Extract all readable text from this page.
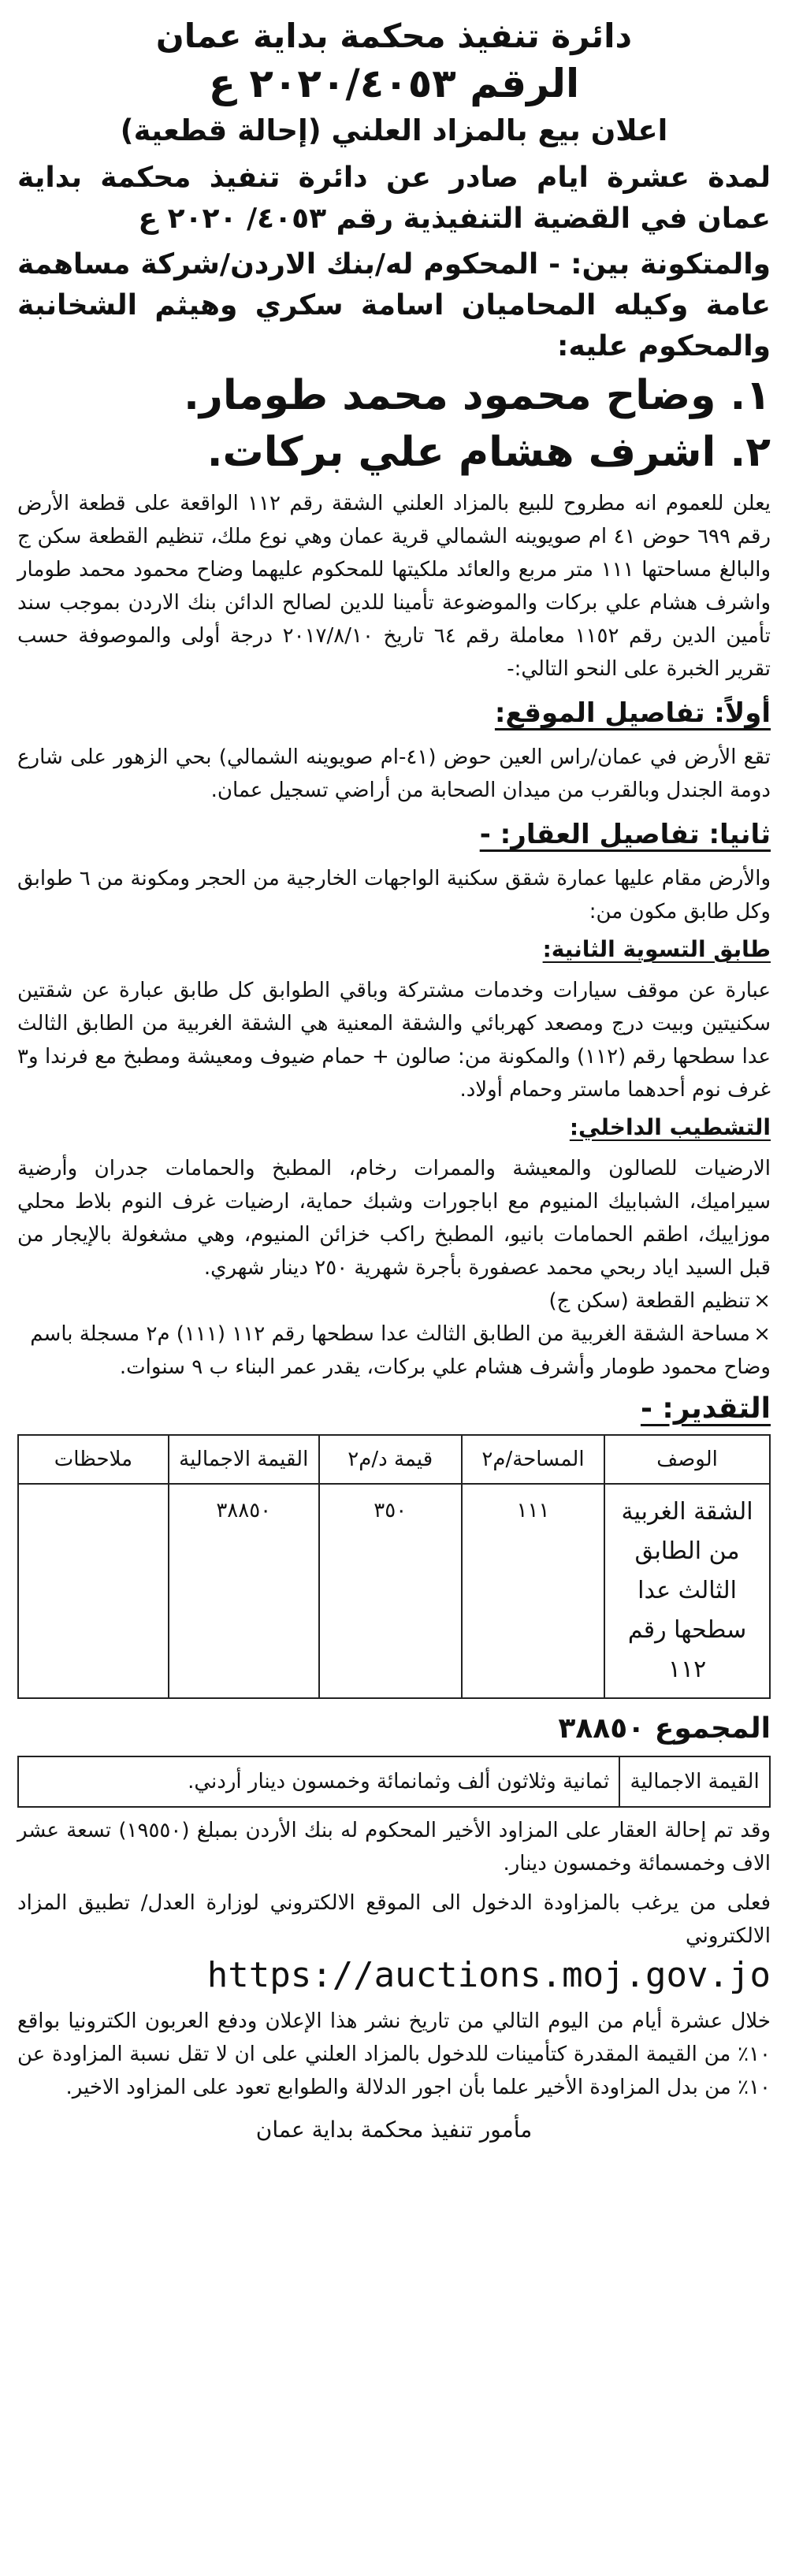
دائرة تنفيذ محكمة بداية عمان

الرقم ٢٠٢٠/٤٠٥٣ ع

اعلان بيع بالمزاد العلني (إحالة قطعية)

لمدة عشرة ايام صادر عن دائرة تنفيذ محكمة بداية عمان في القضية التنفيذية رقم ٤٠٥٣/ ٢٠٢٠ ع

والمتكونة بين: - المحكوم له/بنك الاردن/شركة مساهمة عامة وكيله المحاميان اسامة سكري وهيثم الشخانبة والمحكوم عليه:

١. وضاح محمود محمد طومار.

٢. اشرف هشام علي بركات.

يعلن للعموم انه مطروح للبيع بالمزاد العلني الشقة رقم ١١٢ الواقعة على قطعة الأرض رقم ٦٩٩ حوض ٤١ ام صويوينه الشمالي قرية عمان وهي نوع ملك، تنظيم القطعة سكن ج والبالغ مساحتها ١١١ متر مربع والعائد ملكيتها للمحكوم عليهما وضاح محمود محمد طومار واشرف هشام علي بركات والموضوعة تأمينا للدين لصالح الدائن بنك الاردن بموجب سند تأمين الدين رقم ١١٥٢ معاملة رقم ٦٤ تاريخ ٢٠١٧/٨/١٠ درجة أولى والموصوفة حسب تقرير الخبرة على النحو التالي:-

أولاً: تفاصيل الموقع:

تقع الأرض في عمان/راس العين حوض (٤١-ام صويوينه الشمالي) بحي الزهور على شارع دومة الجندل وبالقرب من ميدان الصحابة من أراضي تسجيل عمان.

ثانيا: تفاصيل العقار: -

والأرض مقام عليها عمارة شقق سكنية الواجهات الخارجية من الحجر ومكونة من ٦ طوابق وكل طابق مكون من:

طابق التسوية الثانية:

عبارة عن موقف سيارات وخدمات مشتركة وباقي الطوابق كل طابق عبارة عن شقتين سكنيتين وبيت درج ومصعد كهربائي والشقة المعنية هي الشقة الغربية من الطابق الثالث عدا سطحها رقم (١١٢) والمكونة من: صالون + حمام ضيوف ومعيشة ومطبخ مع فرندا و٣ غرف نوم أحدهما ماستر وحمام أولاد.

التشطيب الداخلي:

الارضيات للصالون والمعيشة والممرات رخام، المطبخ والحمامات جدران وأرضية سيراميك، الشبابيك المنيوم مع اباجورات وشبك حماية، ارضيات غرف النوم بلاط محلي موزاييك، اطقم الحمامات بانيو، المطبخ راكب خزائن المنيوم، وهي مشغولة بالإيجار من قبل السيد اياد ربحي محمد عصفورة بأجرة شهرية ٢٥٠ دينار شهري.

×تنظيم القطعة (سكن ج)

×مساحة الشقة الغربية من الطابق الثالث عدا سطحها رقم ١١٢ (١١١) م٢ مسجلة باسم وضاح محمود طومار وأشرف هشام علي بركات، يقدر عمر البناء ب ٩ سنوات.

التقدير: -

الوصف	المساحة/م٢	قيمة د/م٢	القيمة الاجمالية	ملاحظات
الشقة الغربية من الطابق الثالث عدا سطحها رقم ١١٢	١١١	٣٥٠	٣٨٨٥٠	

المجموع ٣٨٨٥٠

القيمة الاجمالية	ثمانية وثلاثون ألف وثمانمائة وخمسون دينار أردني.

وقد تم إحالة العقار على المزاود الأخير المحكوم له بنك الأردن بمبلغ (١٩٥٥٠) تسعة عشر الاف وخمسمائة وخمسون دينار.

فعلى من يرغب بالمزاودة الدخول الى الموقع الالكتروني لوزارة العدل/ تطبيق المزاد الالكتروني

https://auctions.moj.gov.jo

خلال عشرة أيام من اليوم التالي من تاريخ نشر هذا الإعلان ودفع العربون الكترونيا بواقع ١٠٪ من القيمة المقدرة كتأمينات للدخول بالمزاد العلني على ان لا تقل نسبة المزاودة عن ١٠٪ من بدل المزاودة الأخير علما بأن اجور الدلالة والطوابع تعود على المزاود الاخير.

مأمور تنفيذ محكمة بداية عمان
